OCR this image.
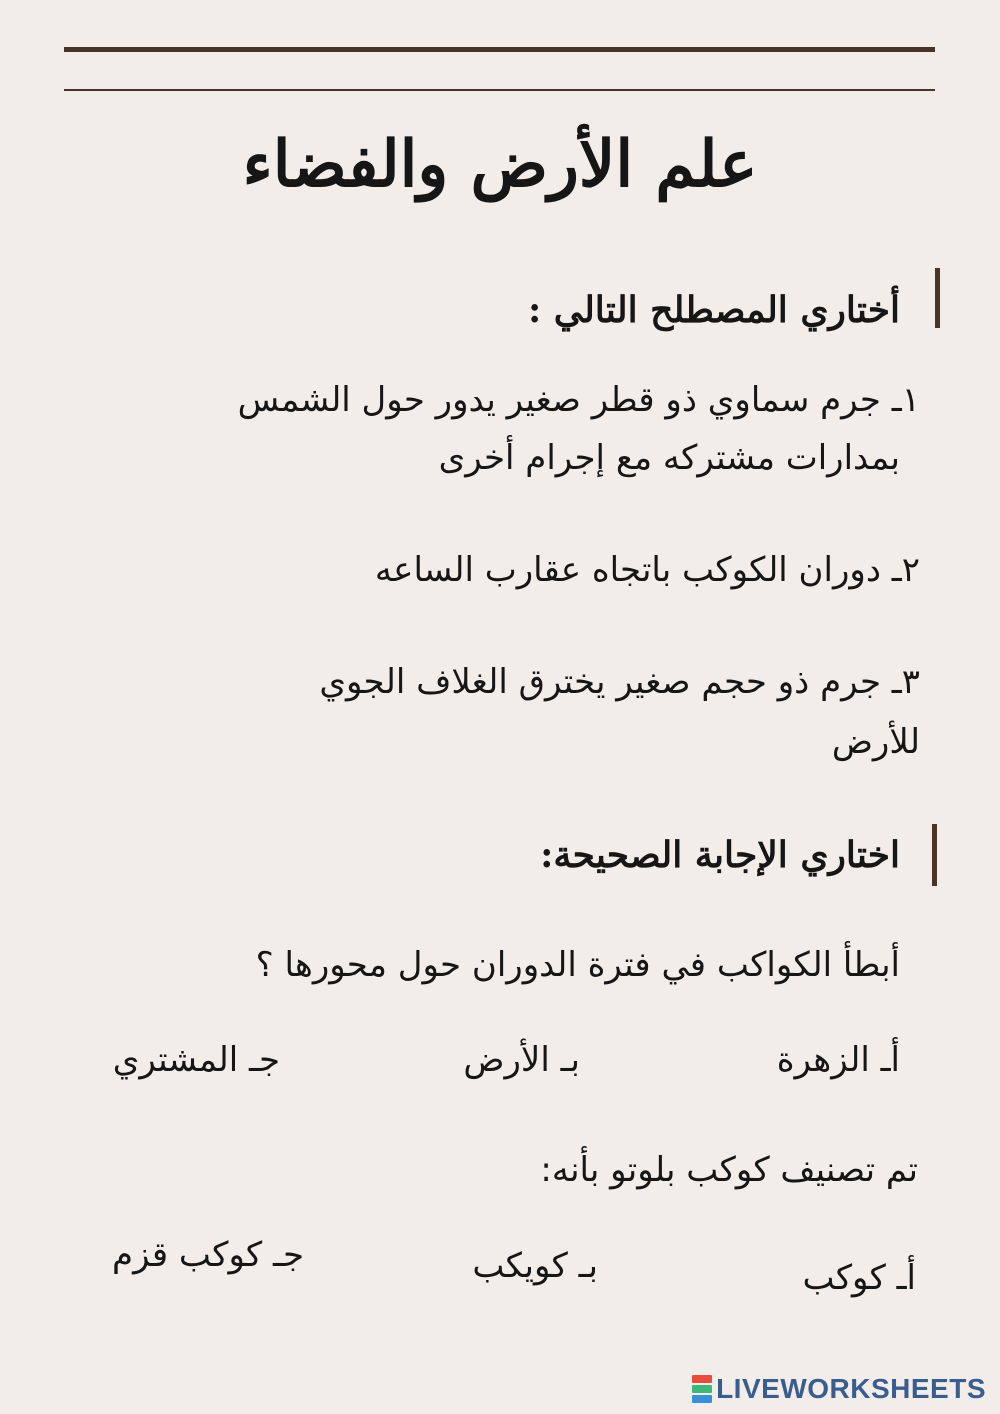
علم الأرض والفضاء
أختاري المصطلح التالي :
١ـ جرم سماوي ذو قطر صغير يدور حول الشمس
بمدارات مشتركه مع إجرام أخرى
٢ـ دوران الكوكب باتجاه عقارب الساعه
٣ـ جرم ذو حجم صغير يخترق الغلاف الجوي
للأرض
اختاري الإجابة الصحيحة:
أبطأ الكواكب في فترة الدوران حول محورها ؟
أـ الزهرة
بـ الأرض
جـ المشتري
تم تصنيف كوكب بلوتو بأنه:
أـ كوكب
بـ كويكب
جـ كوكب قزم
LIVEWORKSHEETS
